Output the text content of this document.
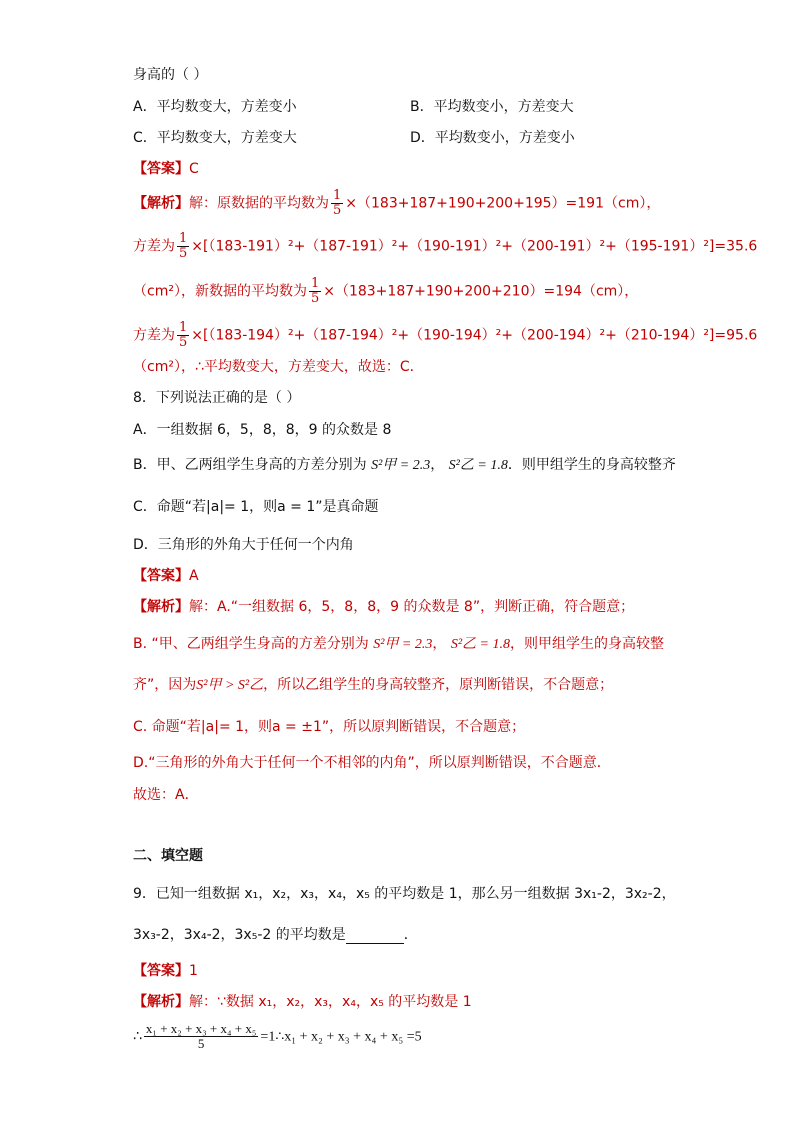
身高的（ ）
A．平均数变大，方差变小	B．平均数变小，方差变大
C．平均数变大，方差变大	D．平均数变小，方差变小
【答案】C
【解析】解：原数据的平均数为 $\frac{1}{5} \times(183+187+190+200+195)=191(cm)$，
方差为 $\frac{1}{5} \times[(183-191)^2+(187-191)^2+(190-191)^2+(200-191)^2+(195-191)^2]=35.6$
（cm²），新数据的平均数为 $\frac{1}{5} \times(183+187+190+200+210)=194(cm)$，
方差为 $\frac{1}{5} \times[(183-194)^2+(187-194)^2+(190-194)^2+(200-194)^2+(210-194)^2]=95.6$
（cm²），∴平均数变大，方差变大，故选：C．
8．下列说法正确的是（ ）
A．一组数据 6，5，8，8，9 的众数是 8
B．甲、乙两组学生身高的方差分别为 S²甲 = 2.3， S²乙 = 1.8．则甲组学生的身高较整齐
C．命题“若|a|= 1，则a = 1”是真命题
D．三角形的外角大于任何一个内角
【答案】A
【解析】解：A.“一组数据 6，5，8，8，9 的众数是 8”，判断正确，符合题意；
B. “甲、乙两组学生身高的方差分别为 S²甲 = 2.3， S²乙 = 1.8，则甲组学生的身高较整
齐”，因为S²甲 > S²乙，所以乙组学生的身高较整齐，原判断错误，不合题意；
C. 命题“若|a|= 1，则a = ±1”，所以原判断错误，不合题意；
D.“三角形的外角大于任何一个不相邻的内角”，所以原判断错误，不合题意．
故选：A．
二、填空题
9．已知一组数据 x₁，x₂，x₃，x₄，x₅ 的平均数是 1，那么另一组数据 3x₁-2，3x₂-2，
3x₃-2，3x₄-2，3x₅-2 的平均数是	．
【答案】1
【解析】解：∵数据 x₁，x₂，x₃，x₄，x₅ 的平均数是 1
∴ $\frac{\text{x₁ + x₂ + x₃ + x₄ + x₅}}{5}$ =1∴x₁ + x₂ + x₃ + x₄ + x₅ =5
